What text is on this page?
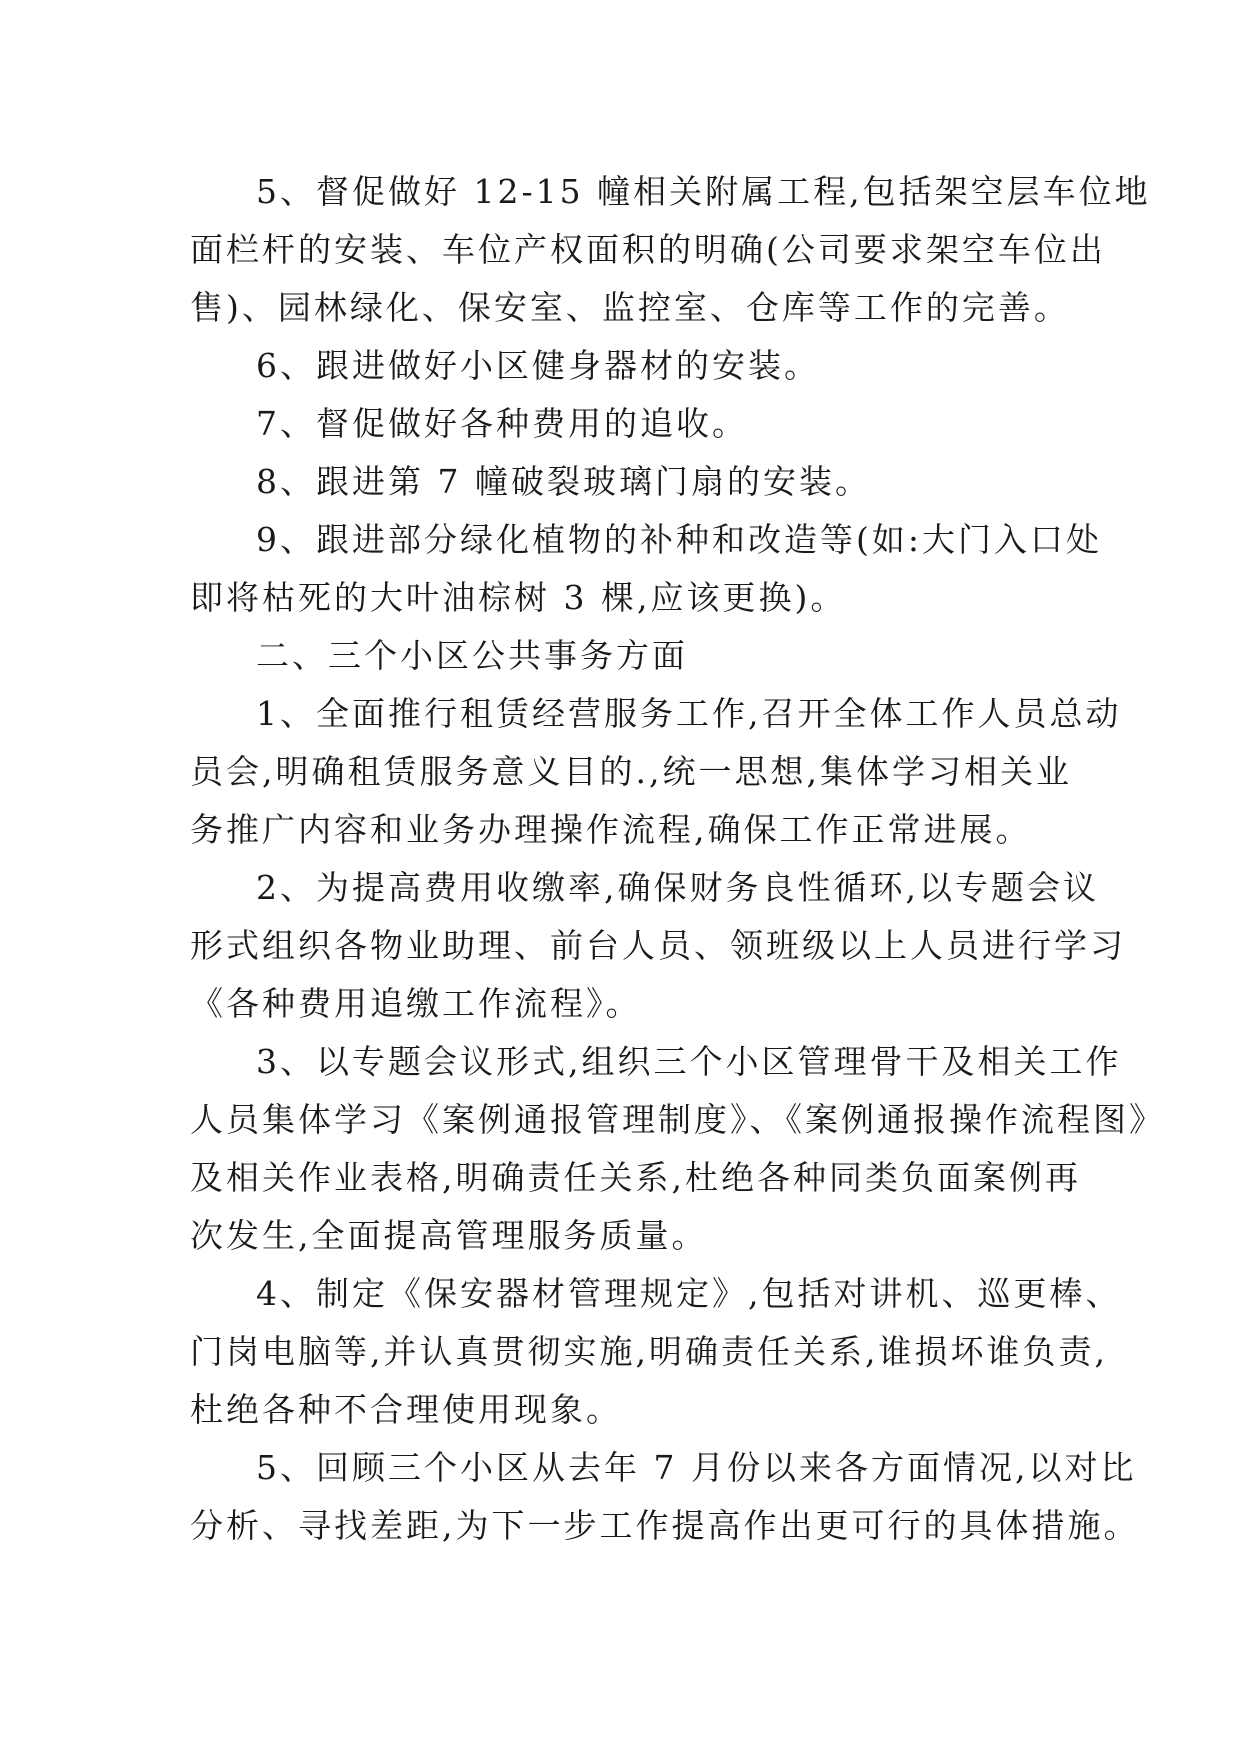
5、督促做好 12-15 幢相关附属工程,包括架空层车位地
面栏杆的安装、车位产权面积的明确(公司要求架空车位出
售)、园林绿化、保安室、监控室、仓库等工作的完善。
6、跟进做好小区健身器材的安装。
7、督促做好各种费用的追收。
8、跟进第 7 幢破裂玻璃门扇的安装。
9、跟进部分绿化植物的补种和改造等(如:大门入口处
即将枯死的大叶油棕树 3 棵,应该更换)。
二、三个小区公共事务方面
1、全面推行租赁经营服务工作,召开全体工作人员总动
员会,明确租赁服务意义目的.,统一思想,集体学习相关业
务推广内容和业务办理操作流程,确保工作正常进展。
2、为提高费用收缴率,确保财务良性循环,以专题会议
形式组织各物业助理、前台人员、领班级以上人员进行学习
《各种费用追缴工作流程》。
3、以专题会议形式,组织三个小区管理骨干及相关工作
人员集体学习《案例通报管理制度》、《案例通报操作流程图》
及相关作业表格,明确责任关系,杜绝各种同类负面案例再
次发生,全面提高管理服务质量。
4、制定《保安器材管理规定》,包括对讲机、巡更棒、
门岗电脑等,并认真贯彻实施,明确责任关系,谁损坏谁负责,
杜绝各种不合理使用现象。
5、回顾三个小区从去年 7 月份以来各方面情况,以对比
分析、寻找差距,为下一步工作提高作出更可行的具体措施。
